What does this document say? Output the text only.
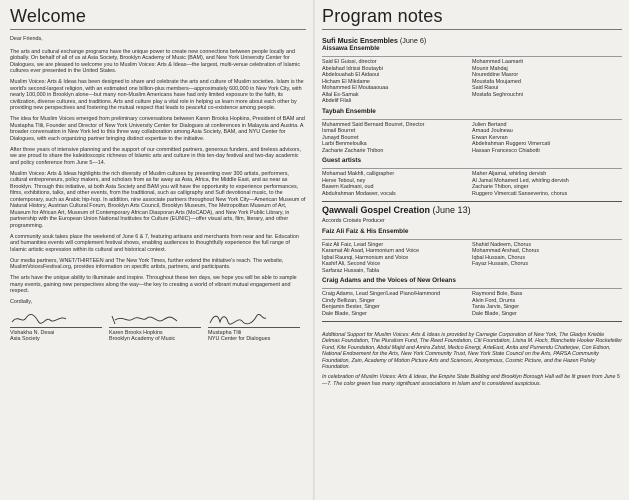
Welcome

Dear Friends,

The arts and cultural exchange programs have the unique power to create new connections between people locally and globally. On behalf of all of us at Asia Society, Brooklyn Academy of Music (BAM), and New York University Center for Dialogues, we are pleased to welcome you to Muslim Voices: Arts & Ideas—the largest, multi-venue celebration of Islamic cultures ever presented in the United States.

Muslim Voices: Arts & Ideas has been designed to share and celebrate the arts and culture of Muslim societies. Islam is the world's second-largest religion, with an estimated one billion-plus members—approximately 600,000 in New York City, with nearly 100,000 in Brooklyn alone—but many non-Muslim Americans have had only limited exposure to the faith, its civilization, diverse cultures, and traditions. Arts and culture play a vital role in helping us learn more about each other by providing new perspectives and fostering the mutual respect that leads to peaceful co-existence among people.

The idea for Muslim Voices emerged from preliminary conversations between Karen Brooks Hopkins, President of BAM and Mustapha Tlili, Founder and Director of New York University Center for Dialogues at conferences in Malaysia and Austria. A broader conversation in New York led to this three way collaboration among Asia Society, BAM, and NYU Center for Dialogues, with each organizing partner bringing distinct expertise to the initiative.

After three years of intensive planning and the support of our committed partners, generous funders, and tireless advisors, we are proud to share the kaleidoscopic richness of Islamic arts and culture in this ten-day festival and two-day academic and policy conference from June 5—14.

Muslim Voices: Arts & Ideas highlights the rich diversity of Muslim cultures by presenting over 300 artists, performers, cultural entrepreneurs, policy makers, and scholars from as far away as Asia, Africa, the Middle East, and as near as Brooklyn. Through this initiative, at both Asia Society and BAM you will have the opportunity to experience performances, films, exhibitions, talks, and other events, from the traditional, such as calligraphy and Sufi devotional music, to the contemporary, such as Arabic hip-hop. In addition, nine associate partners throughout New York City—American Museum of Natural History, Austrian Cultural Forum, Brooklyn Arts Council, Brooklyn Museum, The Metropolitan Museum of Art, Museum for African Art, Museum of Contemporary African Diasporan Arts (MoCADA), and New York Public Library, in partnership with the European Union National Institutes for Culture (EUNIC)—offer visual arts, film, literary, and other programming.

A community souk takes place the weekend of June 6 & 7, featuring artisans and merchants from near and far. Education and humanities events will complement festival shows, enabling audiences to thoughtfully experience the full range of Islamic artistic expression within its cultural and historical context.

Our media partners, WNET/THIRTEEN and The New York Times, further extend the initiative's reach. The website, MuslimVoicesFestival.org, provides information on specific artists, partners, and participants.

The arts have the unique ability to illuminate and inspire. Throughout these ten days, we hope you will be able to sample many events, gaining new perspectives along the way—the key to creating a world of vibrant mutual engagement and respect.

Cordially,

Vishakha N. Desai
Asia Society
Karen Brooks Hopkins
Brooklyn Academy of Music
Mustapha Tlili
NYU Center for Dialogues
Program notes
Sufi Music Ensembles (June 6)
Aissawa Ensemble
Said El Guissi, director
Abelahad Idrissi Boutaybi
Abdelouahab El Aidaoui
Hicham El Mikdame
Mohammed El Moutaaouaa
Allal Es-Samak
Abdelif Filali
Mohammed Laamarti
Mounir Mahdaj
Noureddine Masror
Moustafa Moujamed
Said Raoui
Mostafa Seghrouchni
Taybah Ensemble
Muhammed Said Bernard Bourret, Director
Ismail Bourret
Junayd Bourret
Larbi Benmeloulka
Zacharie Zacharie Thibon
Julien Bertand
Arnaud Joulneau
Erwan Kervran
Abdelrahman Ruggero Vimercati
Hassan Francesco Chiabotti
Guest artists
Mohamad Makhfi, calligrapher
Herve Teboul, ney
Basem Kadmani, oud
Abdulrahman Modawer, vocals
Maher Aljamal, whirling dervish
Al Jamal Mohamed Led, whirling dervish
Zacharie Thibon, singer
Ruggero Vimercati Sanseverino, chorus
Qawwali Gospel Creation (June 13)
Accords Croisés Producer
Faiz Ali Faiz & His Ensemble
Faiz Ali Faiz, Lead Singer
Karamat Ali Asad, Harmonium and Voice
Iqbal Raunqi, Harmonium and Voice
Kashif Ali, Second Voice
Sarfaraz Hussain, Tabla
Shahid Nadeem, Chorus
Mohammad Arshad, Chorus
Iqbal Hussain, Chorus
Fayaz Hussain, Chorus
Craig Adams and the Voices of New Orleans
Craig Adams, Lead Singer/Lead Piano/Hammond
Cindy Bellizan, Singer
Benjamin Bester, Singer
Dale Blade, Singer
Raymond Bole, Bass
Alvin Ford, Drums
Tania Jarvis, Singer
Dale Blade, Singer

Additional Support for Muslim Voices: Arts & Ideas is provided by Carnegie Corporation of New York, The Gladys Krieble Delmas Foundation, The Pluralism Fund, The Reed Foundation, Citi Foundation, Lisina M. Hoch, Blanchette Hooker Rockefeller Fund, Kite Foundation, Abdul Majid and Amira Zahid, Medco Energi, ArteEast, Anita and Purnendu Chatterjee, Con Edison, National Endowment for the Arts, New York Community Trust, New York State Council on the Arts, PARSA Community Foundation, Zain, Academy of Motion Picture Arts and Sciences, Anonymous, Cosmic Picture, and the Hazen Polsky Foundation.

In celebration of Muslim Voices: Arts & Ideas, the Empire State Building and Brooklyn Borough Hall will be lit green from June 5—7. The color green has many significant associations in Islam and is considered auspicious.
